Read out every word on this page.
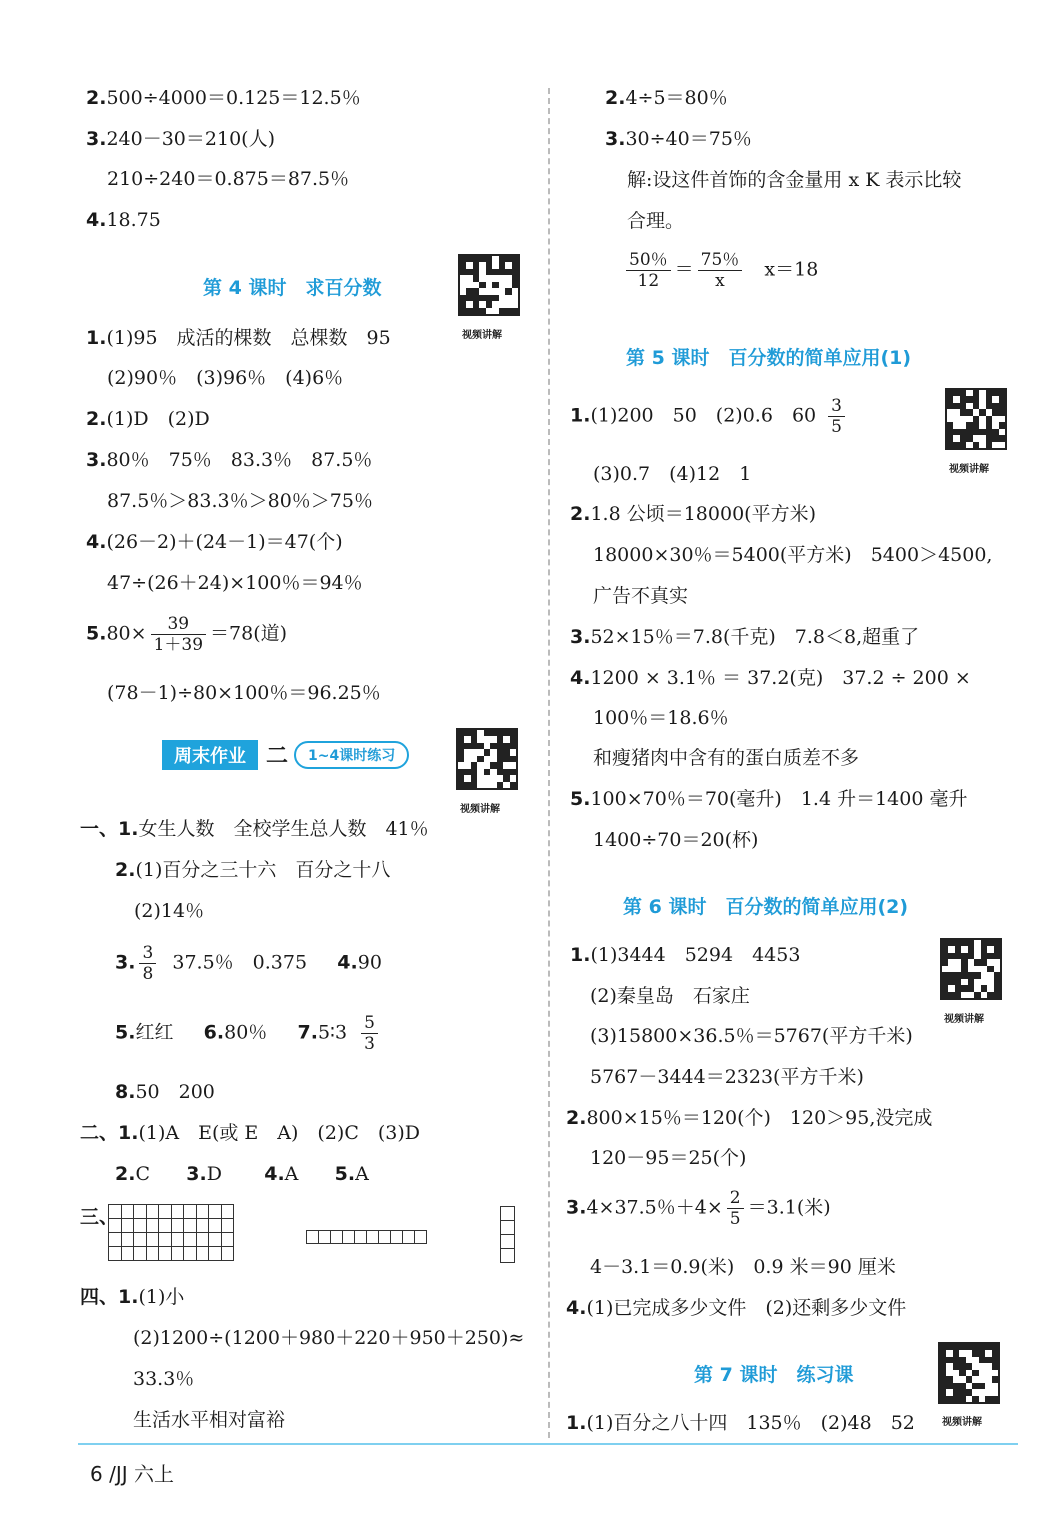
2.500÷4000＝0.125＝12.5％
3.240－30＝210(人)
210÷240＝0.875＝87.5％
4.18.75
第 4 课时　求百分数
视频讲解
1.(1)95　成活的棵数　总棵数　95
(2)90％　(3)96％　(4)6％
2.(1)D　(2)D
3.80％　75％　83.3％　87.5％
87.5％＞83.3％＞80％＞75％
4.(26－2)＋(24－1)＝47(个)
47÷(26＋24)×100％＝94％
$5.80\times \frac{39}{1+39} =78$(道)
(78－1)÷80×100％＝96.25％
周末作业 二 1~4课时练习
视频讲解
一、1.女生人数　全校学生总人数　41％
2.(1)百分之三十六　百分之十八
(2)14％
3. $\frac{3}{8} 37.5$％　0.375 4.90
5.红红 6.80％ 7.5∶3 $\frac{5}{3}$
8.50　200
二、1.(1)A　E(或 E　A)　(2)C　(3)D
2.C 3.D 4.A 5.A
三、
四、1.(1)小
(2)1200÷(1200＋980＋220＋950＋250)≈
33.3％
生活水平相对富裕
2.4÷5＝80％
3.30÷40＝75％
解:设这件首饰的含金量用 x K 表示比较
合理。
$\frac{50\%}{12} = \frac{75\%}{x} x=18$
第 5 课时　百分数的简单应用(1)
1.(1)200　50　(2)0.6　$60 \frac{3}{5}$
视频讲解
(3)0.7　(4)12　1
2.1.8 公顷＝18000(平方米)
18000×30％＝5400(平方米)　5400＞4500,
广告不真实
3.52×15％＝7.8(千克)　7.8＜8,超重了
4.1200 × 3.1％ ＝ 37.2(克)　37.2 ÷ 200 ×
100％＝18.6％
和瘦猪肉中含有的蛋白质差不多
5.100×70％＝70(毫升)　1.4 升＝1400 毫升
1400÷70＝20(杯)
第 6 课时　百分数的简单应用(2)
1.(1)3444　5294　4453
视频讲解
(2)秦皇岛　石家庄
(3)15800×36.5％＝5767(平方千米)
5767－3444＝2323(平方千米)
2.800×15％＝120(个)　120＞95,没完成
120－95＝25(个)
3.4×37.5％$+4\times \frac{2}{5} =3.1$(米)
4－3.1＝0.9(米)　0.9 米＝90 厘米
4.(1)已完成多少文件　(2)还剩多少文件
第 7 课时　练习课
视频讲解
1.(1)百分之八十四　135％　(2)48　52
6 /JJ 六上
